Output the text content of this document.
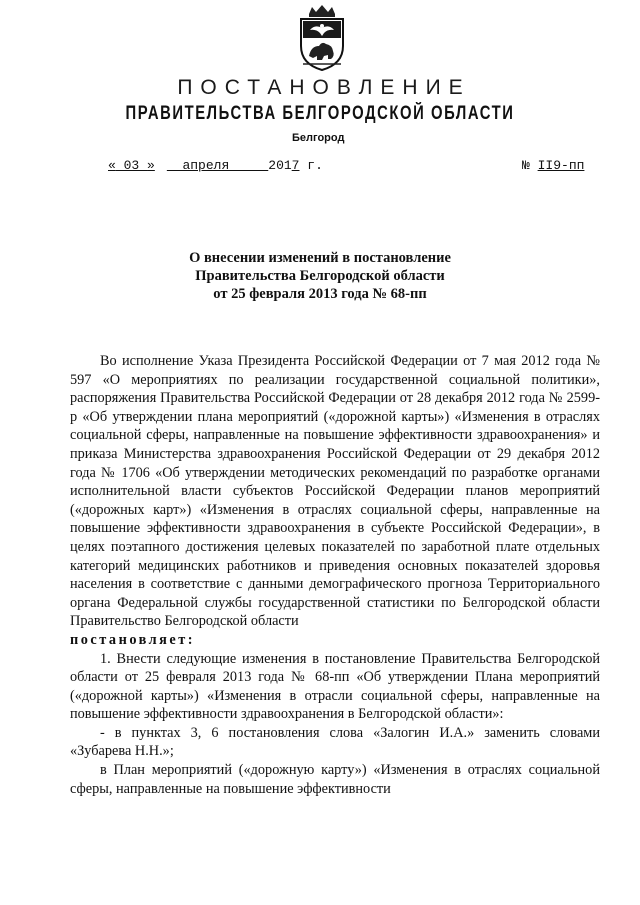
ПОСТАНОВЛЕНИЕ
ПРАВИТЕЛЬСТВА БЕЛГОРОДСКОЙ ОБЛАСТИ
Белгород
« 03 »  апреля     2017 г.	№ II9-пп
О внесении изменений в постановление
Правительства Белгородской области
от 25 февраля 2013 года № 68-пп

Во исполнение Указа Президента Российской Федерации от 7 мая 2012 года № 597 «О мероприятиях по реализации государственной социальной политики», распоряжения Правительства Российской Федерации от 28 декабря 2012 года № 2599-р «Об утверждении плана мероприятий («дорожной карты») «Изменения в отраслях социальной сферы, направленные на повышение эффективности здравоохранения» и приказа Министерства здравоохранения Российской Федерации от 29 декабря 2012 года № 1706 «Об утверждении методических рекомендаций по разработке органами исполнительной власти субъектов Российской Федерации планов мероприятий («дорожных карт») «Изменения в отраслях социальной сферы, направленные на повышение эффективности здравоохранения в субъекте Российской Федерации», в целях поэтапного достижения целевых показателей по заработной плате отдельных категорий медицинских работников и приведения основных показателей здоровья населения в соответствие с данными демографического прогноза Территориального органа Федеральной службы государственной статистики по Белгородской области Правительство Белгородской области

постановляет:

1. Внести следующие изменения в постановление Правительства Белгородской области от 25 февраля 2013 года № 68-пп «Об утверждении Плана мероприятий («дорожной карты») «Изменения в отрасли социальной сферы, направленные на повышение эффективности здравоохранения в Белгородской области»:

- в пунктах 3, 6 постановления слова «Залогин И.А.» заменить словами «Зубарева Н.Н.»;

в План мероприятий («дорожную карту») «Изменения в отраслях социальной сферы, направленные на повышение эффективности
